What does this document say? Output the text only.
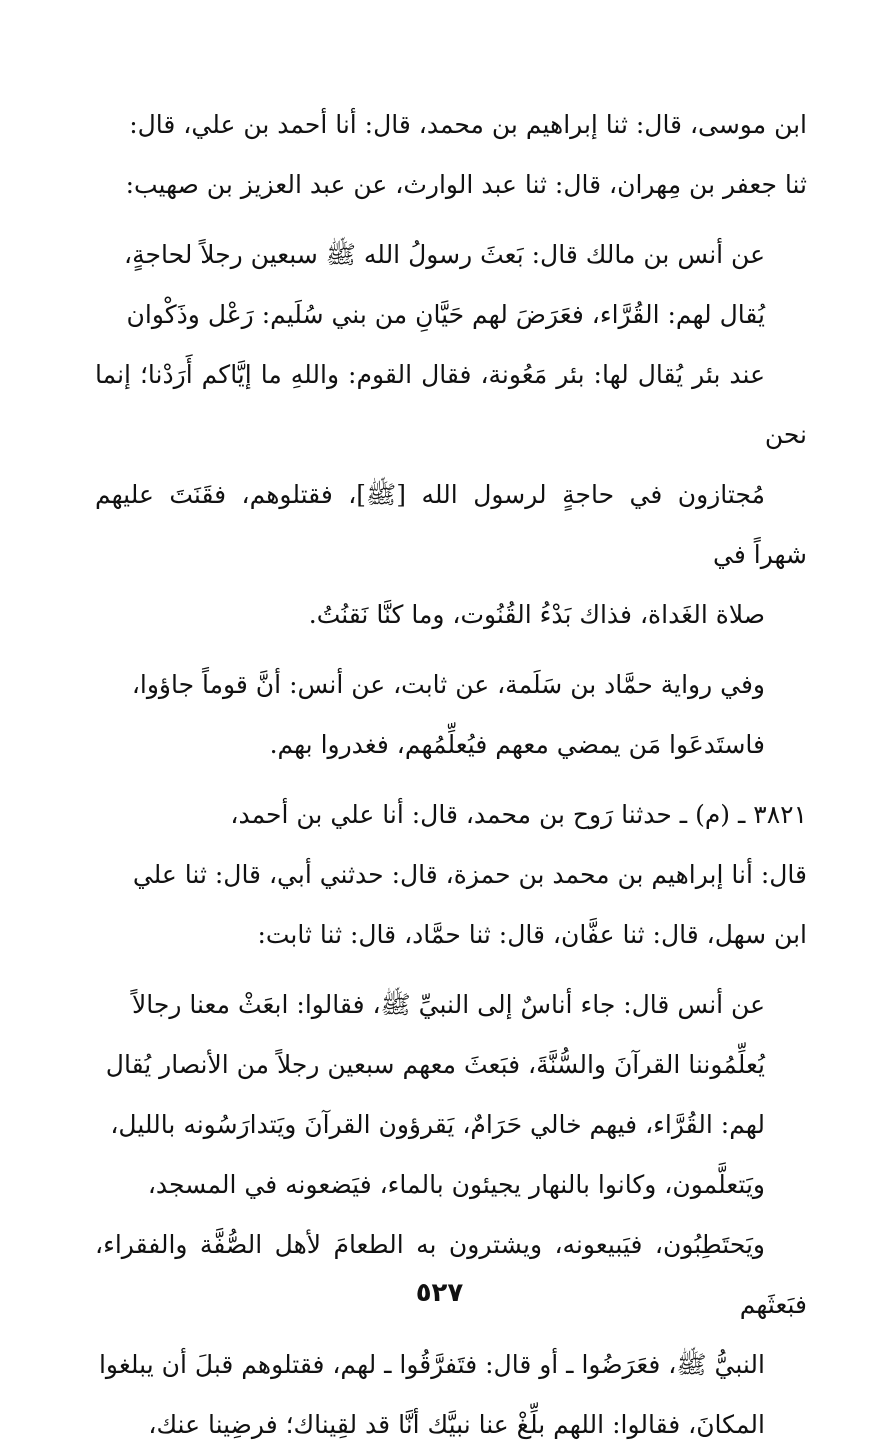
ابن موسى، قال: ثنا إبراهيم بن محمد، قال: أنا أحمد بن علي، قال:
ثنا جعفر بن مِهران، قال: ثنا عبد الوارث، عن عبد العزيز بن صهيب:

عن أنس بن مالك قال: بَعثَ رسولُ الله ﷺ سبعين رجلاً لحاجةٍ،
يُقال لهم: القُرَّاء، فعَرَضَ لهم حَيَّانِ من بني سُلَيم: رَعْل وذَكْوان
عند بئر يُقال لها: بئر مَعُونة، فقال القوم: واللهِ ما إيَّاكم أَرَدْنا؛ إنما نحن
مُجتازون في حاجةٍ لرسول الله [ﷺ]، فقتلوهم، فقَنَتَ عليهم شهراً في
صلاة الغَداة، فذاك بَدْءُ القُنُوت، وما كنَّا نَقنُتُ.

وفي رواية حمَّاد بن سَلَمة، عن ثابت، عن أنس: أنَّ قوماً جاؤوا،
فاستَدعَوا مَن يمضي معهم فيُعلِّمُهم، فغدروا بهم.

٣٨٢١ ـ (م) ـ حدثنا رَوح بن محمد، قال: أنا علي بن أحمد،
قال: أنا إبراهيم بن محمد بن حمزة، قال: حدثني أبي، قال: ثنا علي
ابن سهل، قال: ثنا عفَّان، قال: ثنا حمَّاد، قال: ثنا ثابت:

عن أنس قال: جاء أناسٌ إلى النبيِّ ﷺ، فقالوا: ابعَثْ معنا رجالاً
يُعلِّمُوننا القرآنَ والسُّنَّةَ، فبَعثَ معهم سبعين رجلاً من الأنصار يُقال
لهم: القُرَّاء، فيهم خالي حَرَامٌ، يَقرؤون القرآنَ ويَتدارَسُونه بالليل،
ويَتعلَّمون، وكانوا بالنهار يجيئون بالماء، فيَضعونه في المسجد،
ويَحتَطِبُون، فيَبيعونه، ويشترون به الطعامَ لأهل الصُّفَّة والفقراء، فبَعثَهم
النبيُّ ﷺ، فعَرَضُوا ـ أو قال: فتَفرَّقُوا ـ لهم، فقتلوهم قبلَ أن يبلغوا
المكانَ، فقالوا: اللهم بلِّغْ عنا نبيَّك أنَّا قد لقِيناك؛ فرضِينا عنك،

٥٢٧
